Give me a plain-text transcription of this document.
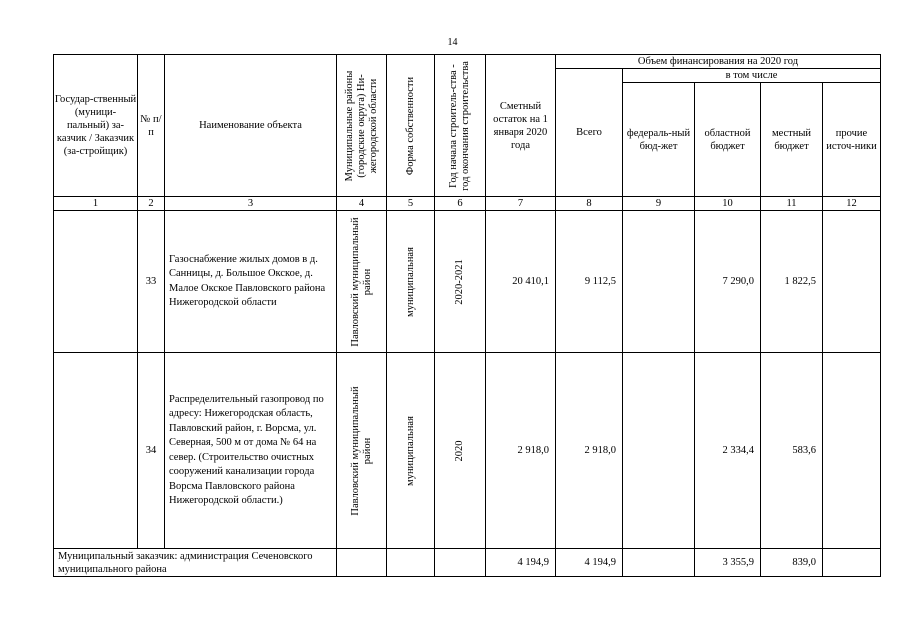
14
Государ-ственный (муници-пальный) за-казчик / Заказчик (за-стройщик)	№ п/п	Наименование объекта	Муниципальные районы (городские округа) Ни-жегородской области	Форма собственности	Год начала строитель-ства - год окончания строительства	Сметный остаток на 1 января 2020 года	Объем финансирования на 2020 год				
							Всего	в том числе			
								федераль-ный бюд-жет	областной бюджет	местный бюджет	прочие источ-ники
1	2	3	4	5	6	7	8	9	10	11	12
	33	Газоснабжение жилых домов в д. Санницы, д. Большое Окское, д. Малое Окское Павловского района Нижегородской области	Павловский муниципальный район	муниципальная	2020-2021	20 410,1	9 112,5		7 290,0	1 822,5	
	34	Распределительный газопровод по адресу: Нижегородская область, Павловский район, г. Ворсма, ул. Северная, 500 м от дома № 64 на север. (Строительство очистных сооружений канализации города Ворсма Павловского района Нижегородской области.)	Павловский муниципальный район	муниципальная	2020	2 918,0	2 918,0		2 334,4	583,6	
Муниципальный заказчик: администрация Сеченовского муниципального района						4 194,9	4 194,9		3 355,9	839,0	
